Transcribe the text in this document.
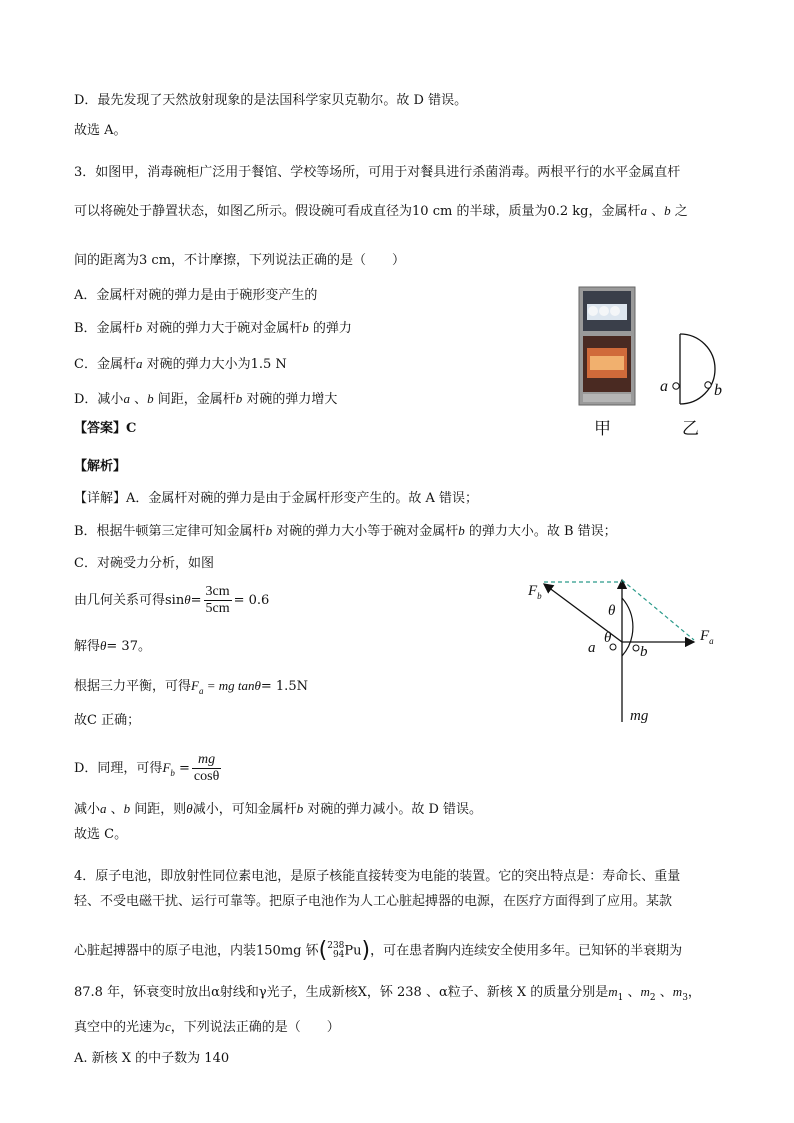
D．最先发现了天然放射现象的是法国科学家贝克勒尔。故 D 错误。
故选 A。
3．如图甲，消毒碗柜广泛用于餐馆、学校等场所，可用于对餐具进行杀菌消毒。两根平行的水平金属直杆
可以将碗处于静置状态，如图乙所示。假设碗可看成直径为10 cm 的半球，质量为0.2 kg，金属杆a 、b 之
间的距离为3 cm，不计摩擦，下列说法正确的是（　　）
A．金属杆对碗的弹力是由于碗形变产生的
B．金属杆b 对碗的弹力大于碗对金属杆b 的弹力
C．金属杆a 对碗的弹力大小为1.5 N
D．减小a 、b 间距，金属杆b 对碗的弹力增大
甲
a	b
乙
【答案】C
【解析】
【详解】A．金属杆对碗的弹力是由于金属杆形变产生的。故 A 错误；
B．根据牛顿第三定律可知金属杆b 对碗的弹力大小等于碗对金属杆b 的弹力大小。故 B 错误；
C．对碗受力分析，如图
由几何关系可得$\sin\theta= \frac{3cm}{5cm} = 0.6$
解得θ= 37。
根据三力平衡，可得$F_a$ = mg tanθ= 1.5N
故C 正确；
D．同理，可得$F_b = \frac{mg}{\cos\theta}$
减小a 、b 间距，则θ减小，可知金属杆b 对碗的弹力减小。故 D 错误。
故选 C。
$F_b$
$F_a$
θ
θ
a	b
mg
4．原子电池，即放射性同位素电池，是原子核能直接转变为电能的装置。它的突出特点是：寿命长、重量
轻、不受电磁干扰、运行可靠等。把原子电池作为人工心脏起搏器的电源，在医疗方面得到了应用。某款
心脏起搏器中的原子电池，内装150mg 钚( 238
94 Pu)，可在患者胸内连续安全使用多年。已知钚的半衰期为
87.8 年，钚衰变时放出α射线和γ光子，生成新核X，钚 238 、α粒子、新核 X 的质量分别是$m_1$ 、$m_2$ 、$m_3$，
真空中的光速为c，下列说法正确的是（　　）
A. 新核 X 的中子数为 140
